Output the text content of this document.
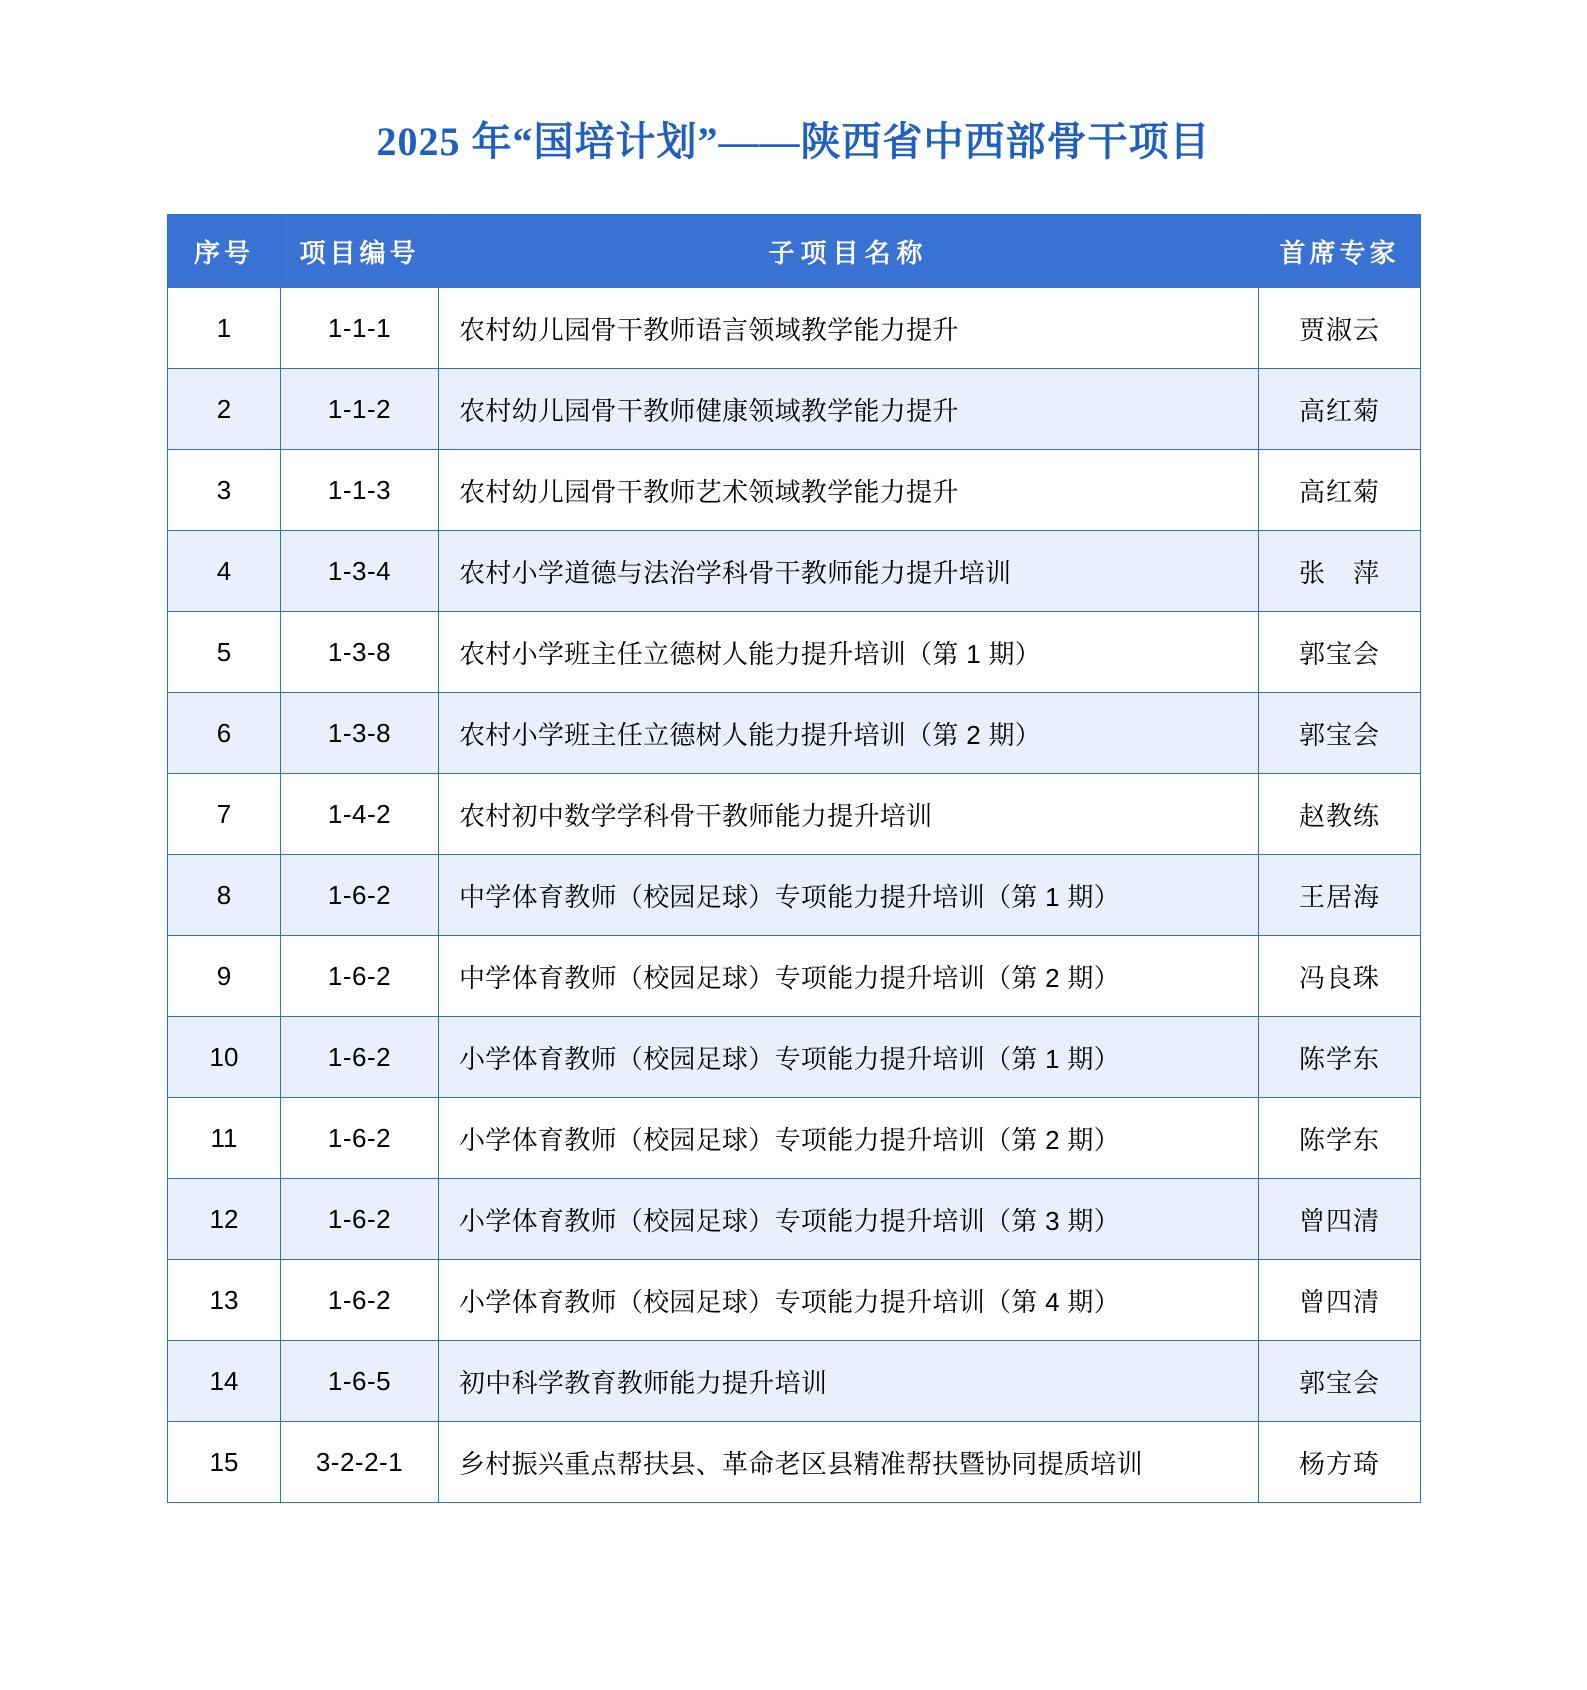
2025 年“国培计划”——陕西省中西部骨干项目
序号	项目编号	子项目名称	首席专家
1	1-1-1	农村幼儿园骨干教师语言领域教学能力提升	贾淑云
2	1-1-2	农村幼儿园骨干教师健康领域教学能力提升	高红菊
3	1-1-3	农村幼儿园骨干教师艺术领域教学能力提升	高红菊
4	1-3-4	农村小学道德与法治学科骨干教师能力提升培训	张　萍
5	1-3-8	农村小学班主任立德树人能力提升培训（第 1 期）	郭宝会
6	1-3-8	农村小学班主任立德树人能力提升培训（第 2 期）	郭宝会
7	1-4-2	农村初中数学学科骨干教师能力提升培训	赵教练
8	1-6-2	中学体育教师（校园足球）专项能力提升培训（第 1 期）	王居海
9	1-6-2	中学体育教师（校园足球）专项能力提升培训（第 2 期）	冯良珠
10	1-6-2	小学体育教师（校园足球）专项能力提升培训（第 1 期）	陈学东
11	1-6-2	小学体育教师（校园足球）专项能力提升培训（第 2 期）	陈学东
12	1-6-2	小学体育教师（校园足球）专项能力提升培训（第 3 期）	曾四清
13	1-6-2	小学体育教师（校园足球）专项能力提升培训（第 4 期）	曾四清
14	1-6-5	初中科学教育教师能力提升培训	郭宝会
15	3-2-2-1	乡村振兴重点帮扶县、革命老区县精准帮扶暨协同提质培训	杨方琦
